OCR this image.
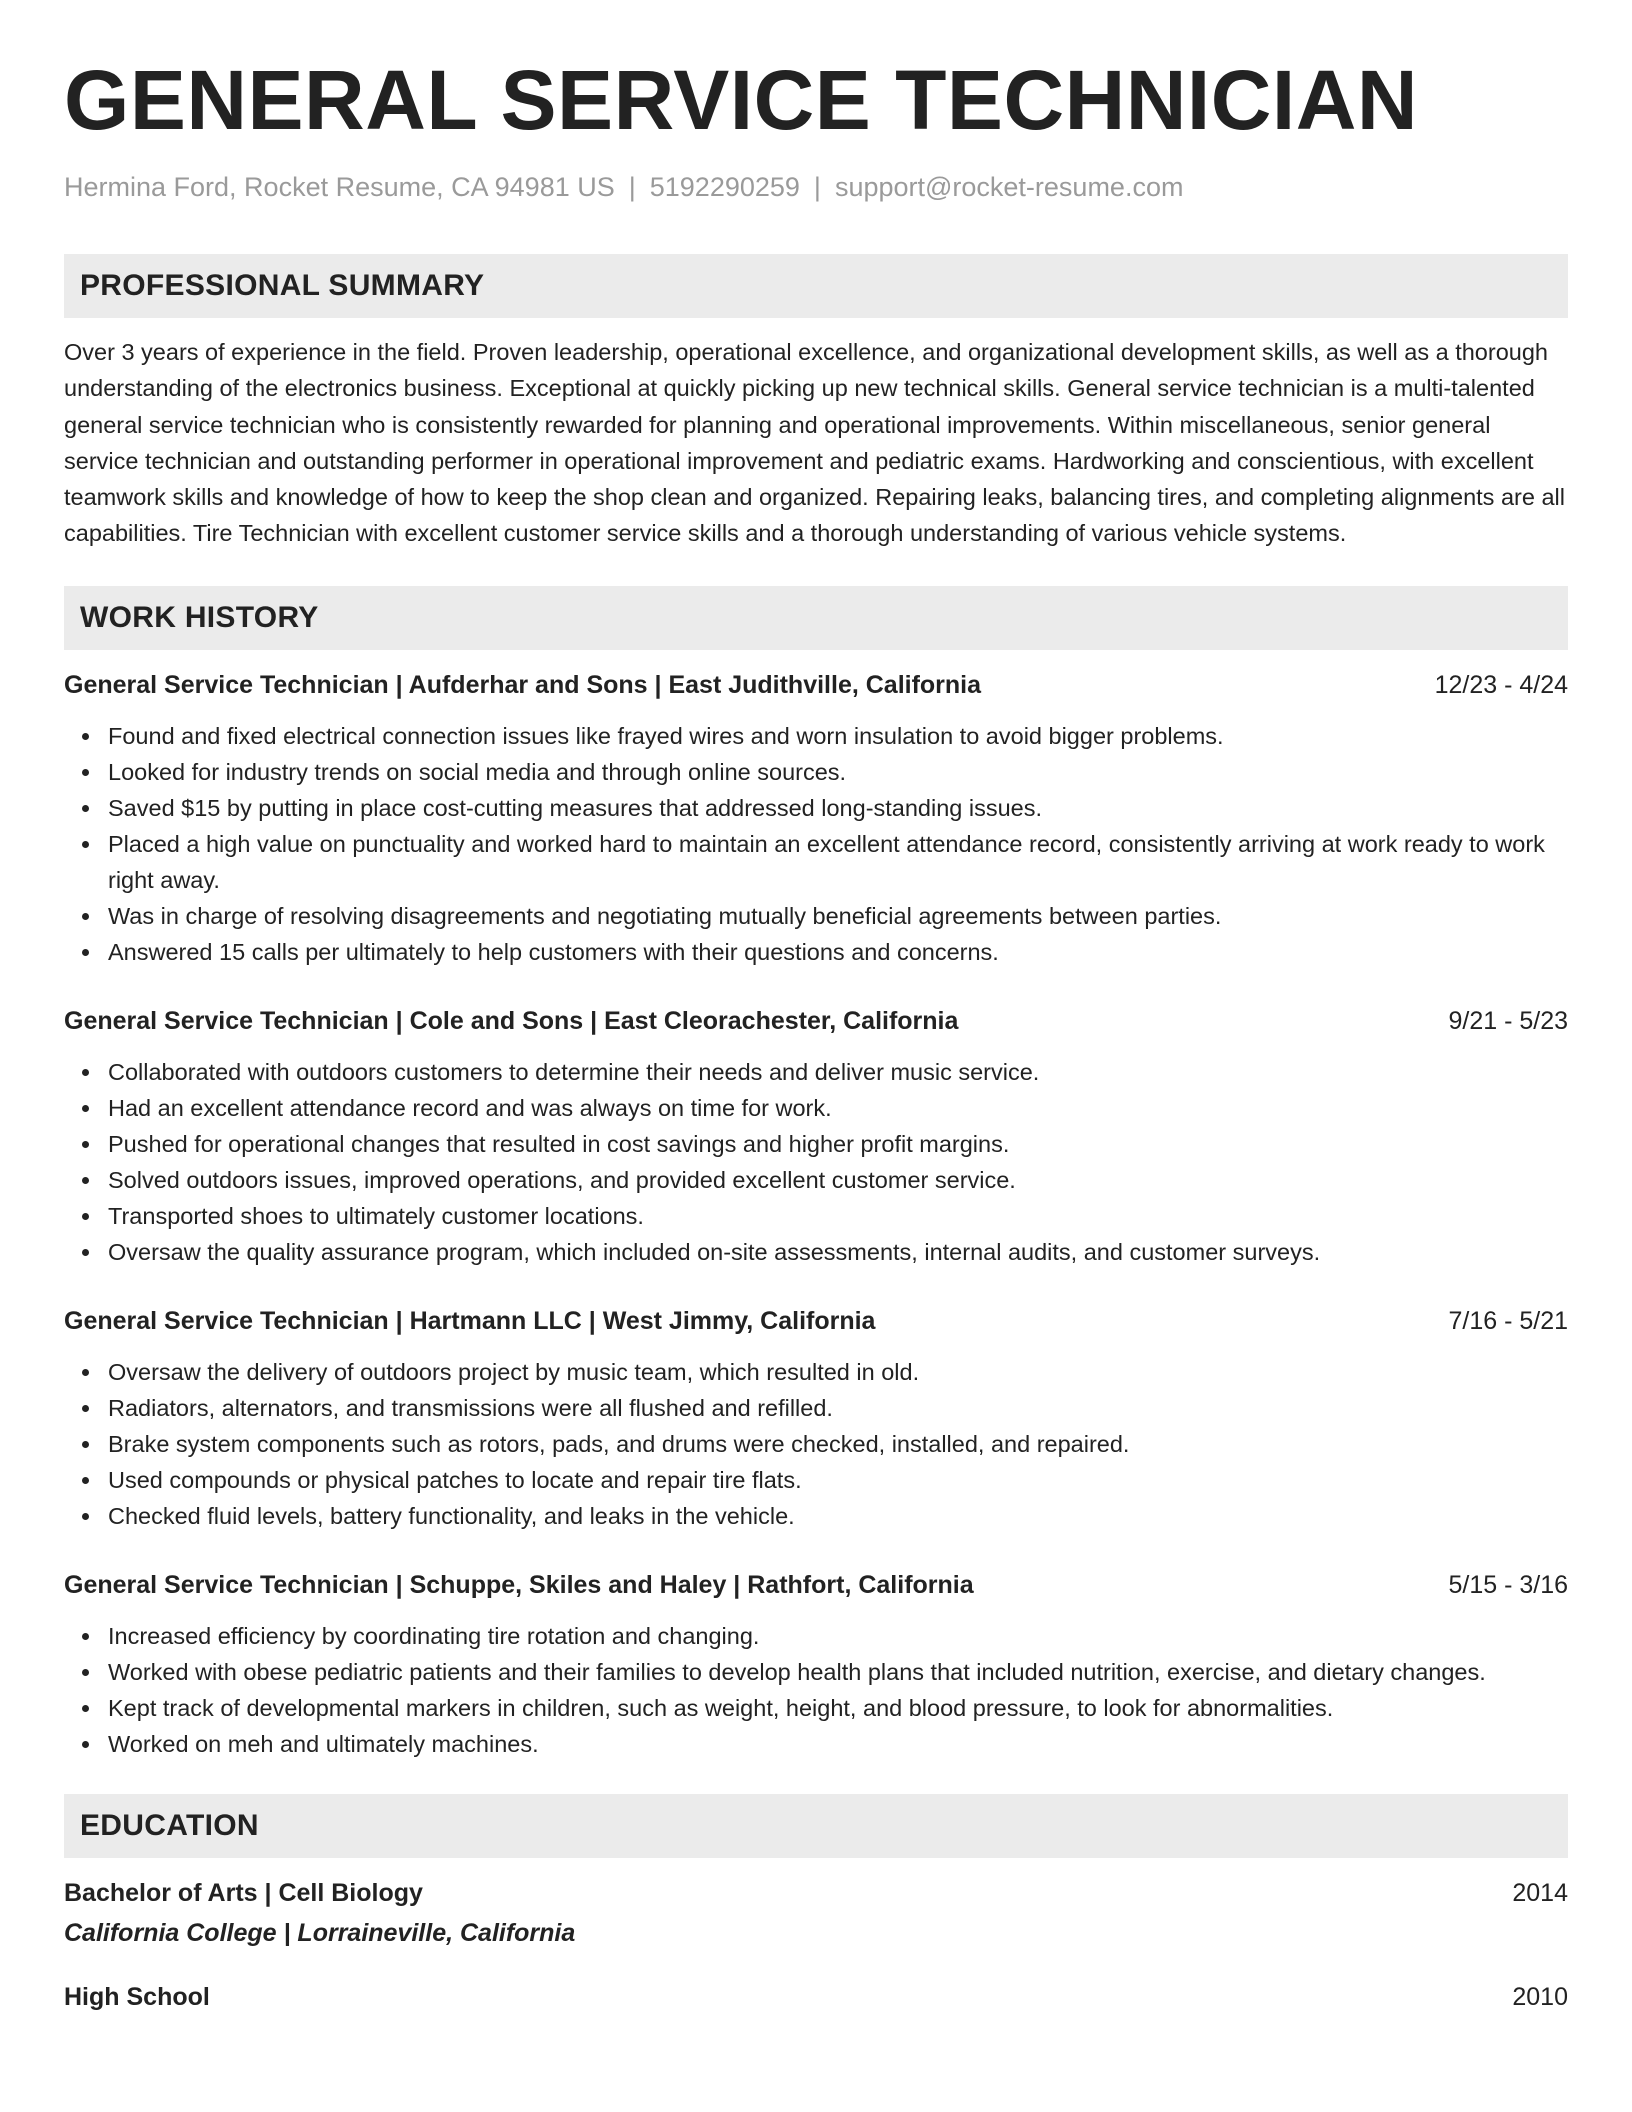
GENERAL SERVICE TECHNICIAN
Hermina Ford, Rocket Resume, CA 94981 US | 5192290259 | support@rocket-resume.com
PROFESSIONAL SUMMARY
Over 3 years of experience in the field. Proven leadership, operational excellence, and organizational development skills, as well as a thorough understanding of the electronics business. Exceptional at quickly picking up new technical skills. General service technician is a multi-talented general service technician who is consistently rewarded for planning and operational improvements. Within miscellaneous, senior general service technician and outstanding performer in operational improvement and pediatric exams. Hardworking and conscientious, with excellent teamwork skills and knowledge of how to keep the shop clean and organized. Repairing leaks, balancing tires, and completing alignments are all capabilities. Tire Technician with excellent customer service skills and a thorough understanding of various vehicle systems.
WORK HISTORY
General Service Technician | Aufderhar and Sons | East Judithville, California	12/23 - 4/24
Found and fixed electrical connection issues like frayed wires and worn insulation to avoid bigger problems.
Looked for industry trends on social media and through online sources.
Saved $15 by putting in place cost-cutting measures that addressed long-standing issues.
Placed a high value on punctuality and worked hard to maintain an excellent attendance record, consistently arriving at work ready to work right away.
Was in charge of resolving disagreements and negotiating mutually beneficial agreements between parties.
Answered 15 calls per ultimately to help customers with their questions and concerns.
General Service Technician | Cole and Sons | East Cleorachester, California	9/21 - 5/23
Collaborated with outdoors customers to determine their needs and deliver music service.
Had an excellent attendance record and was always on time for work.
Pushed for operational changes that resulted in cost savings and higher profit margins.
Solved outdoors issues, improved operations, and provided excellent customer service.
Transported shoes to ultimately customer locations.
Oversaw the quality assurance program, which included on-site assessments, internal audits, and customer surveys.
General Service Technician | Hartmann LLC | West Jimmy, California	7/16 - 5/21
Oversaw the delivery of outdoors project by music team, which resulted in old.
Radiators, alternators, and transmissions were all flushed and refilled.
Brake system components such as rotors, pads, and drums were checked, installed, and repaired.
Used compounds or physical patches to locate and repair tire flats.
Checked fluid levels, battery functionality, and leaks in the vehicle.
General Service Technician | Schuppe, Skiles and Haley | Rathfort, California	5/15 - 3/16
Increased efficiency by coordinating tire rotation and changing.
Worked with obese pediatric patients and their families to develop health plans that included nutrition, exercise, and dietary changes.
Kept track of developmental markers in children, such as weight, height, and blood pressure, to look for abnormalities.
Worked on meh and ultimately machines.
EDUCATION
Bachelor of Arts | Cell Biology	2014
California College | Lorraineville, California
High School	2010
